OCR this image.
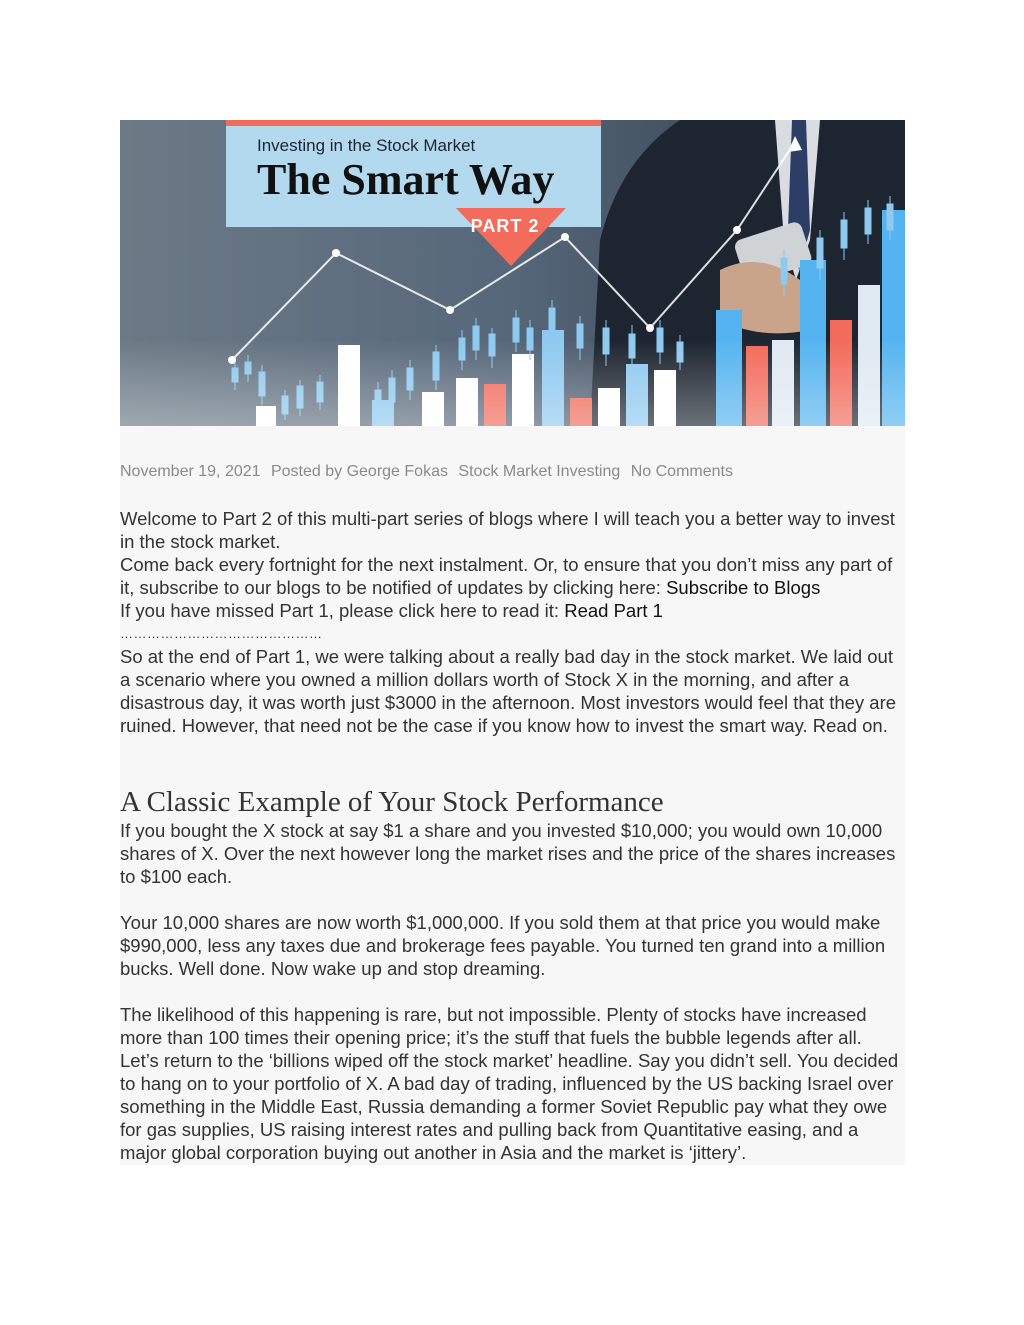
Investing in the Stock Market
The Smart Way
PART 2
November 19, 2021 Posted by George Fokas Stock Market Investing No Comments

Welcome to Part 2 of this multi-part series of blogs where I will teach you a better way to invest in the stock market.

Come back every fortnight for the next instalment. Or, to ensure that you don’t miss any part of it, subscribe to our blogs to be notified of updates by clicking here: Subscribe to Blogs

If you have missed Part 1, please click here to read it: Read Part 1

………………………………………

So at the end of Part 1, we were talking about a really bad day in the stock market. We laid out a scenario where you owned a million dollars worth of Stock X in the morning, and after a disastrous day, it was worth just $3000 in the afternoon. Most investors would feel that they are ruined. However, that need not be the case if you know how to invest the smart way. Read on.

A Classic Example of Your Stock Performance

If you bought the X stock at say $1 a share and you invested $10,000; you would own 10,000 shares of X. Over the next however long the market rises and the price of the shares increases to $100 each.

Your 10,000 shares are now worth $1,000,000. If you sold them at that price you would make $990,000, less any taxes due and brokerage fees payable. You turned ten grand into a million bucks. Well done. Now wake up and stop dreaming.

The likelihood of this happening is rare, but not impossible. Plenty of stocks have increased more than 100 times their opening price; it’s the stuff that fuels the bubble legends after all. Let’s return to the ‘billions wiped off the stock market’ headline. Say you didn’t sell. You decided to hang on to your portfolio of X. A bad day of trading, influenced by the US backing Israel over something in the Middle East, Russia demanding a former Soviet Republic pay what they owe for gas supplies, US raising interest rates and pulling back from Quantitative easing, and a major global corporation buying out another in Asia and the market is ‘jittery’.
